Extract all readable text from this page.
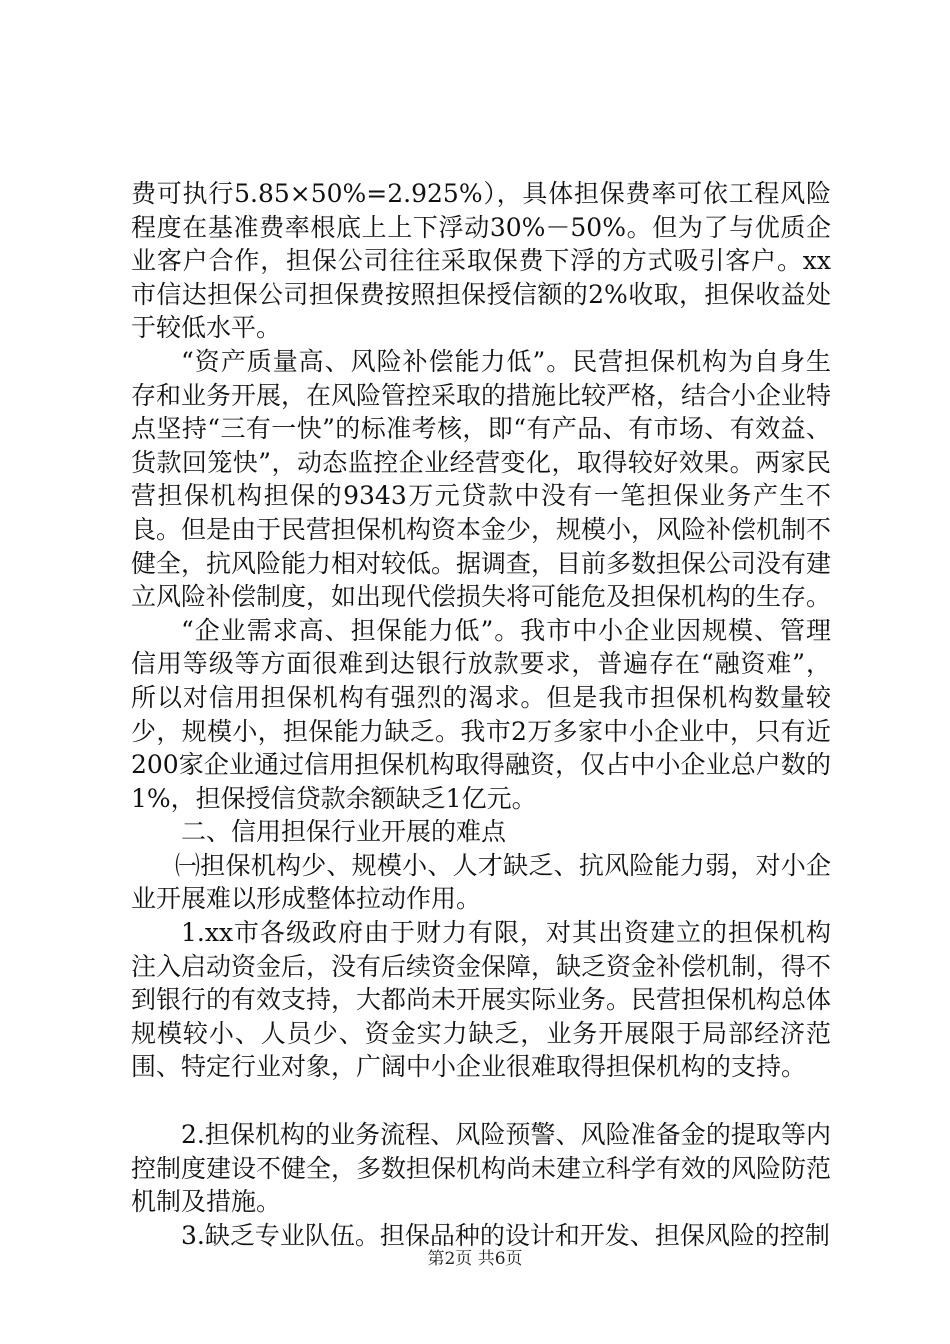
费可执行5.85×50%=2.925%），具体担保费率可依工程风险程度在基准费率根底上上下浮动30%－50%。但为了与优质企业客户合作，担保公司往往采取保费下浮的方式吸引客户。xx市信达担保公司担保费按照担保授信额的2%收取，担保收益处于较低水平。

“资产质量高、风险补偿能力低”。民营担保机构为自身生存和业务开展，在风险管控采取的措施比较严格，结合小企业特点坚持“三有一快”的标准考核，即“有产品、有市场、有效益、货款回笼快”，动态监控企业经营变化，取得较好效果。两家民营担保机构担保的9343万元贷款中没有一笔担保业务产生不良。但是由于民营担保机构资本金少，规模小，风险补偿机制不健全，抗风险能力相对较低。据调查，目前多数担保公司没有建立风险补偿制度，如出现代偿损失将可能危及担保机构的生存。

“企业需求高、担保能力低”。我市中小企业因规模、管理信用等级等方面很难到达银行放款要求，普遍存在“融资难”，所以对信用担保机构有强烈的渴求。但是我市担保机构数量较少，规模小，担保能力缺乏。我市2万多家中小企业中，只有近200家企业通过信用担保机构取得融资，仅占中小企业总户数的1%，担保授信贷款余额缺乏1亿元。

二、信用担保行业开展的难点

㈠担保机构少、规模小、人才缺乏、抗风险能力弱，对小企业开展难以形成整体拉动作用。

1.xx市各级政府由于财力有限，对其出资建立的担保机构注入启动资金后，没有后续资金保障，缺乏资金补偿机制，得不到银行的有效支持，大都尚未开展实际业务。民营担保机构总体规模较小、人员少、资金实力缺乏，业务开展限于局部经济范围、特定行业对象，广阔中小企业很难取得担保机构的支持。

2.担保机构的业务流程、风险预警、风险准备金的提取等内控制度建设不健全，多数担保机构尚未建立科学有效的风险防范机制及措施。

3.缺乏专业队伍。担保品种的设计和开发、担保风险的控制

第2页 共6页
